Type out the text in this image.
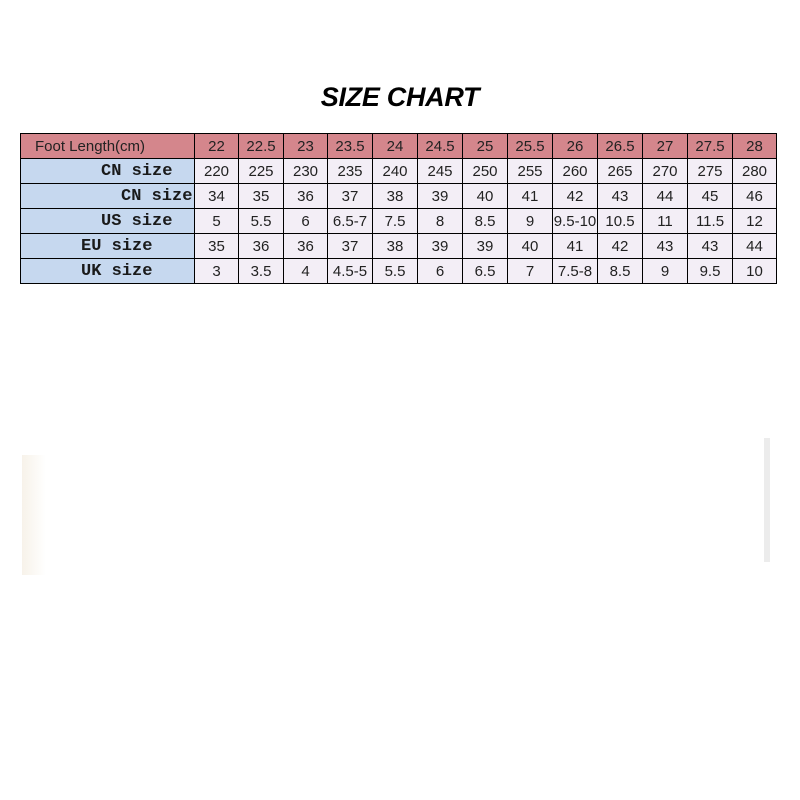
SIZE CHART
Foot Length(cm)	22	22.5	23	23.5	24	24.5	25	25.5	26	26.5	27	27.5	28
CN size	220	225	230	235	240	245	250	255	260	265	270	275	280
CN size	34	35	36	37	38	39	40	41	42	43	44	45	46
US size	5	5.5	6	6.5-7	7.5	8	8.5	9	9.5-10	10.5	11	11.5	12
EU size	35	36	36	37	38	39	39	40	41	42	43	43	44
UK size	3	3.5	4	4.5-5	5.5	6	6.5	7	7.5-8	8.5	9	9.5	10
